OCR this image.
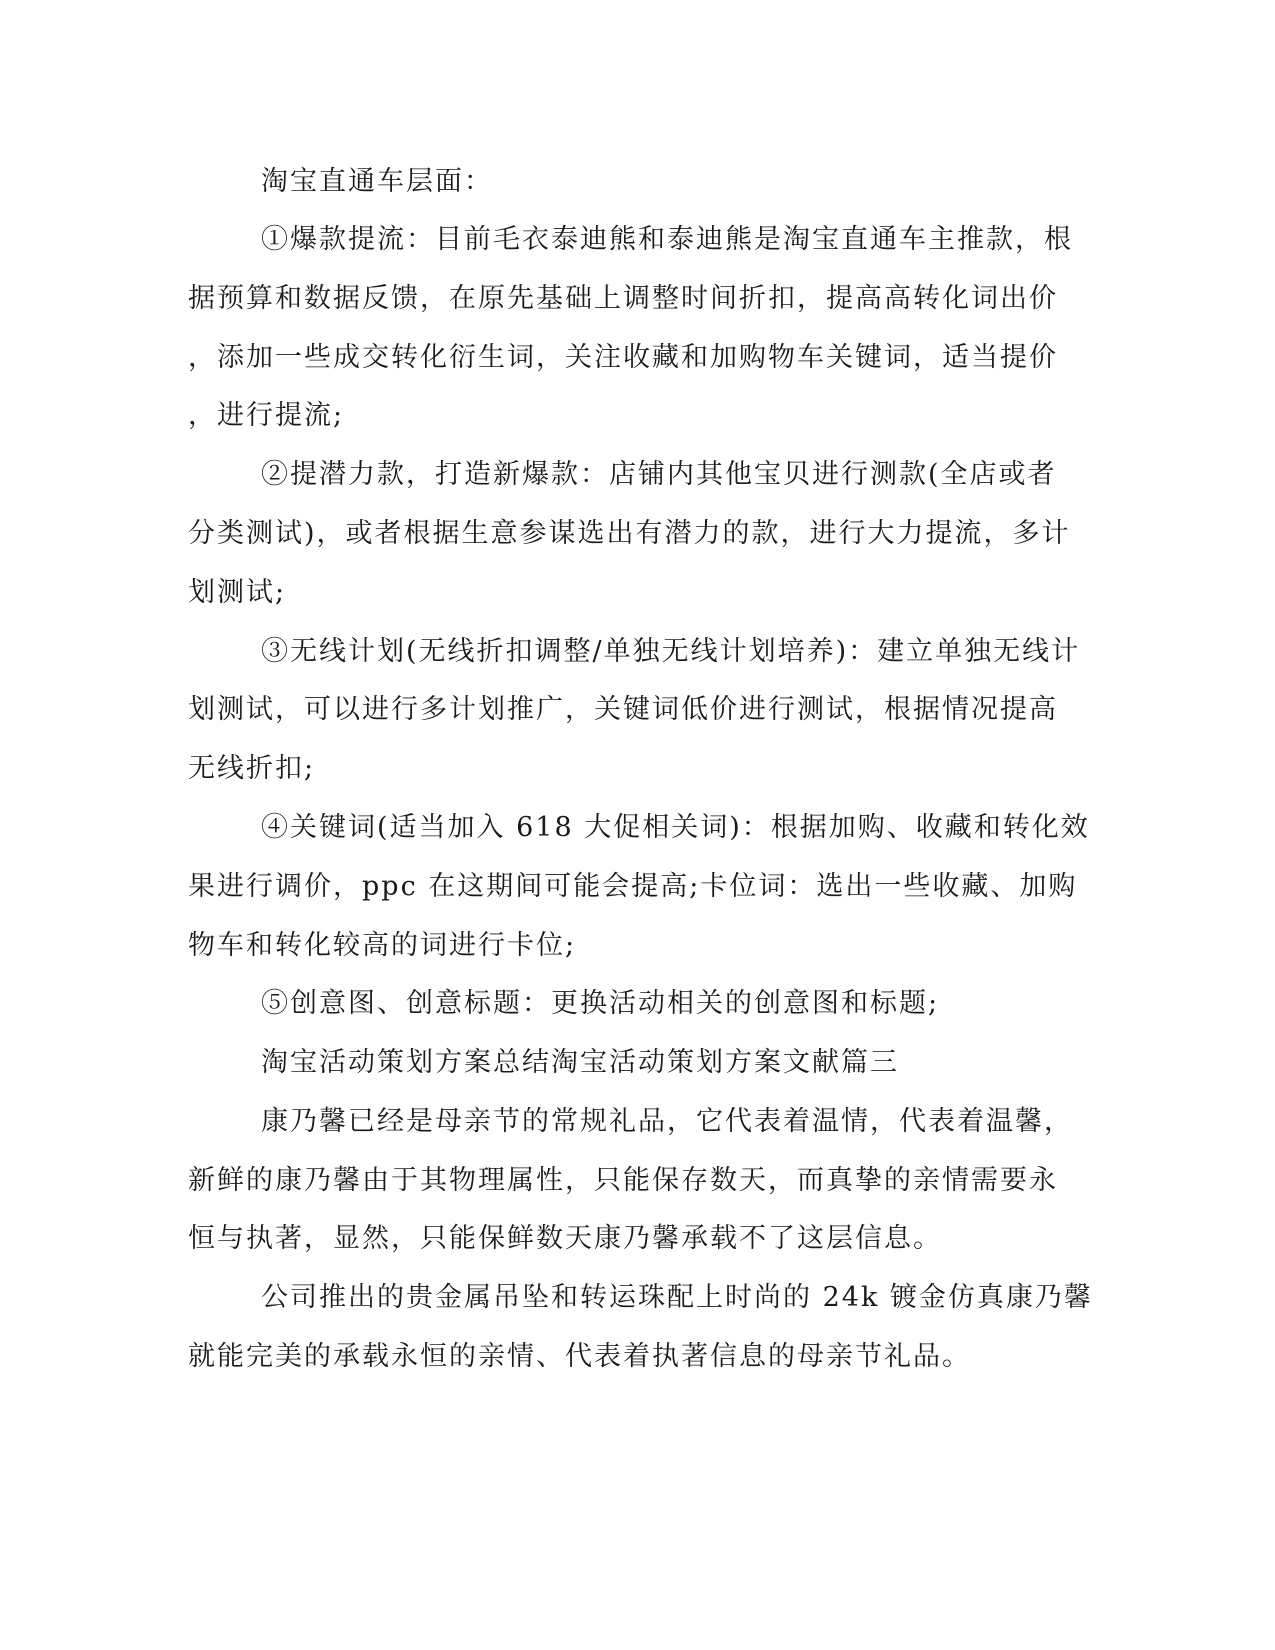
淘宝直通车层面：
①爆款提流：目前毛衣泰迪熊和泰迪熊是淘宝直通车主推款，根
据预算和数据反馈，在原先基础上调整时间折扣，提高高转化词出价
，添加一些成交转化衍生词，关注收藏和加购物车关键词，适当提价
，进行提流;
②提潜力款，打造新爆款：店铺内其他宝贝进行测款(全店或者
分类测试)，或者根据生意参谋选出有潜力的款，进行大力提流，多计
划测试;
③无线计划(无线折扣调整/单独无线计划培养)：建立单独无线计
划测试，可以进行多计划推广，关键词低价进行测试，根据情况提高
无线折扣;
④关键词(适当加入 618 大促相关词)：根据加购、收藏和转化效
果进行调价，ppc 在这期间可能会提高;卡位词：选出一些收藏、加购
物车和转化较高的词进行卡位;
⑤创意图、创意标题：更换活动相关的创意图和标题;
淘宝活动策划方案总结淘宝活动策划方案文献篇三
康乃馨已经是母亲节的常规礼品，它代表着温情，代表着温馨，
新鲜的康乃馨由于其物理属性，只能保存数天，而真挚的亲情需要永
恒与执著，显然，只能保鲜数天康乃馨承载不了这层信息。
公司推出的贵金属吊坠和转运珠配上时尚的 24k 镀金仿真康乃馨
就能完美的承载永恒的亲情、代表着执著信息的母亲节礼品。
